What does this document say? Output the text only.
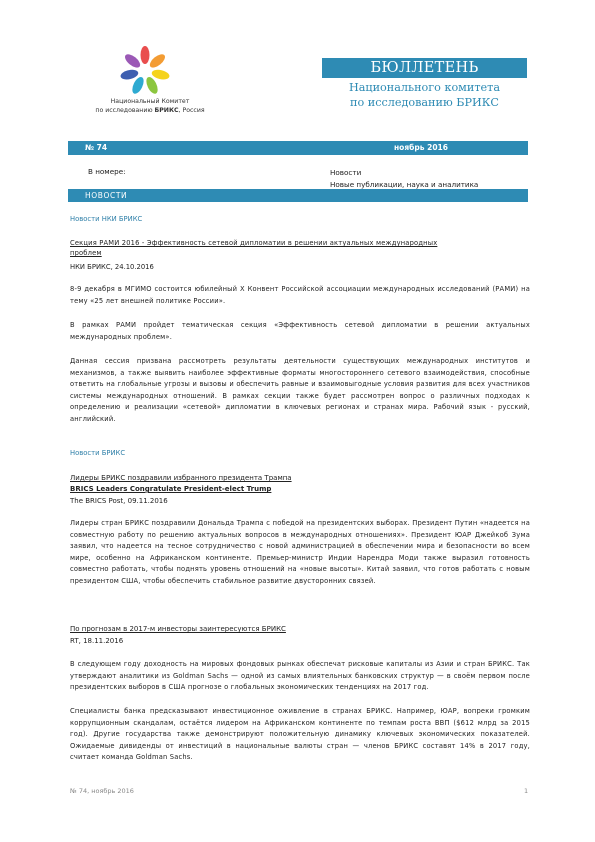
Национальный Комитет
по исследованию БРИКС, Россия
БЮЛЛЕТЕНЬ
Национального комитета
по исследованию БРИКС
№ 74	ноябрь 2016
В номере:	Новости
Новые публикации, наука и аналитика
НОВОСТИ
Новости НКИ БРИКС
Секция РАМИ 2016 - Эффективность сетевой дипломатии в решении актуальных международных
проблем
НКИ БРИКС, 24.10.2016
8-9 декабря в МГИМО состоится юбилейный X Конвент Российской ассоциации международных исследований (РАМИ) на тему «25 лет внешней политике России».
В рамках РАМИ пройдет тематическая секция «Эффективность сетевой дипломатии в решении актуальных международных проблем».
Данная сессия призвана рассмотреть результаты деятельности существующих международных институтов и механизмов, а также выявить наиболее эффективные форматы многостороннего сетевого взаимодействия, способные ответить на глобальные угрозы и вызовы и обеспечить равные и взаимовыгодные условия развития для всех участников системы международных отношений. В рамках секции также будет рассмотрен вопрос о различных подходах к определению и реализации «сетевой» дипломатии в ключевых регионах и странах мира. Рабочий язык - русский, английский.
Новости БРИКС
Лидеры БРИКС поздравили избранного президента Трампа
BRICS Leaders Congratulate President-elect Trump
The BRICS Post, 09.11.2016
Лидеры стран БРИКС поздравили Дональда Трампа с победой на президентских выборах. Президент Путин «надеется на совместную работу по решению актуальных вопросов в международных отношениях». Президент ЮАР Джейкоб Зума заявил, что надеется на тесное сотрудничество с новой администрацией в обеспечении мира и безопасности во всем мире, особенно на Африканском континенте. Премьер-министр Индии Нарендра Моди также выразил готовность совместно работать, чтобы поднять уровень отношений на «новые высоты». Китай заявил, что готов работать с новым президентом США, чтобы обеспечить стабильное развитие двусторонних связей.
По прогнозам в 2017-м инвесторы заинтересуются БРИКС
RT, 18.11.2016
В следующем году доходность на мировых фондовых рынках обеспечат рисковые капиталы из Азии и стран БРИКС. Так утверждают аналитики из Goldman Sachs — одной из самых влиятельных банковских структур — в своём первом после президентских выборов в США прогнозе о глобальных экономических тенденциях на 2017 год.
Специалисты банка предсказывают инвестиционное оживление в странах БРИКС. Например, ЮАР, вопреки громким коррупционным скандалам, остаётся лидером на Африканском континенте по темпам роста ВВП ($612 млрд за 2015 год). Другие государства также демонстрируют положительную динамику ключевых экономических показателей. Ожидаемые дивиденды от инвестиций в национальные валюты стран — членов БРИКС составят 14% в 2017 году, считает команда Goldman Sachs.
№ 74, ноябрь 2016	1
